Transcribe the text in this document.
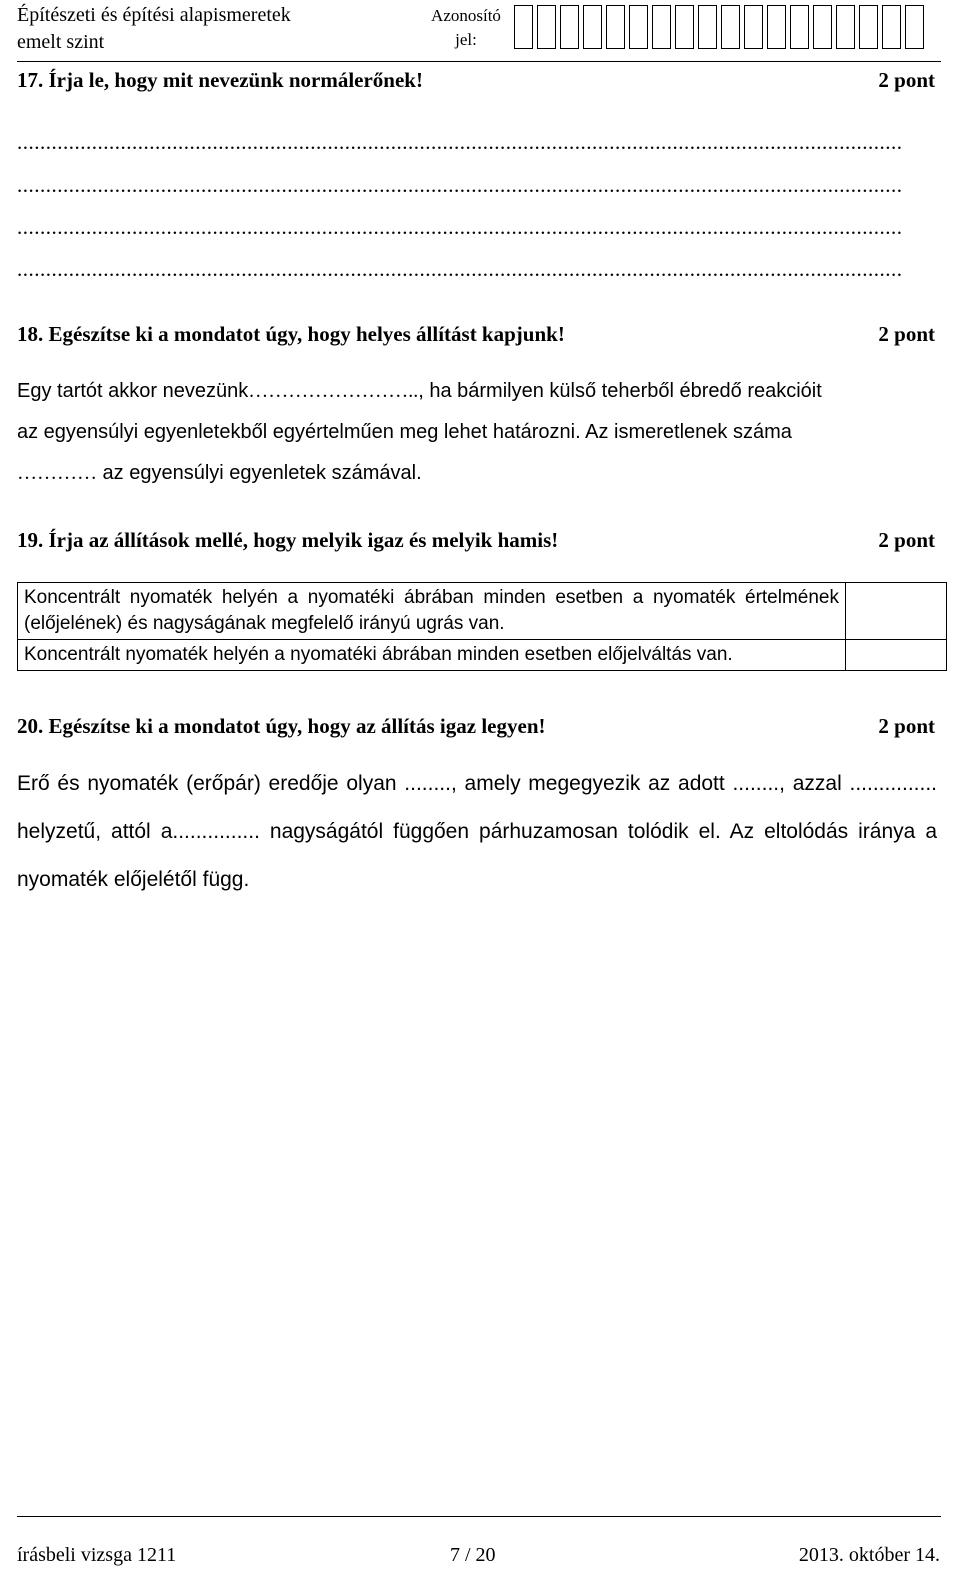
Építészeti és építési alapismeretek
emelt szint
Azonosító
jel:
17. Írja le, hogy mit nevezünk normálerőnek!	2 pont
..........................................................................................................................................................
..........................................................................................................................................................
..........................................................................................................................................................
..........................................................................................................................................................
18. Egészítse ki a mondatot úgy, hogy helyes állítást kapjunk!	2 pont
Egy tartót akkor nevezünk…………………….., ha bármilyen külső teherből ébredő reakcióit
az egyensúlyi egyenletekből egyértelműen meg lehet határozni. Az ismeretlenek száma
………… az egyensúlyi egyenletek számával.
19. Írja az állítások mellé, hogy melyik igaz és melyik hamis!	2 pont
Koncentrált nyomaték helyén a nyomatéki ábrában minden esetben a nyomaték értelmének (előjelének) és nagyságának megfelelő irányú ugrás van.	
Koncentrált nyomaték helyén a nyomatéki ábrában minden esetben előjelváltás van.	
20. Egészítse ki a mondatot úgy, hogy az állítás igaz legyen!	2 pont
Erő és nyomaték (erőpár) eredője olyan ........, amely megegyezik az adott ........, azzal ............... helyzetű, attól a............... nagyságától függően párhuzamosan tolódik el. Az eltolódás iránya a nyomaték előjelétől függ.
írásbeli vizsga 1211	7 / 20	2013. október 14.
